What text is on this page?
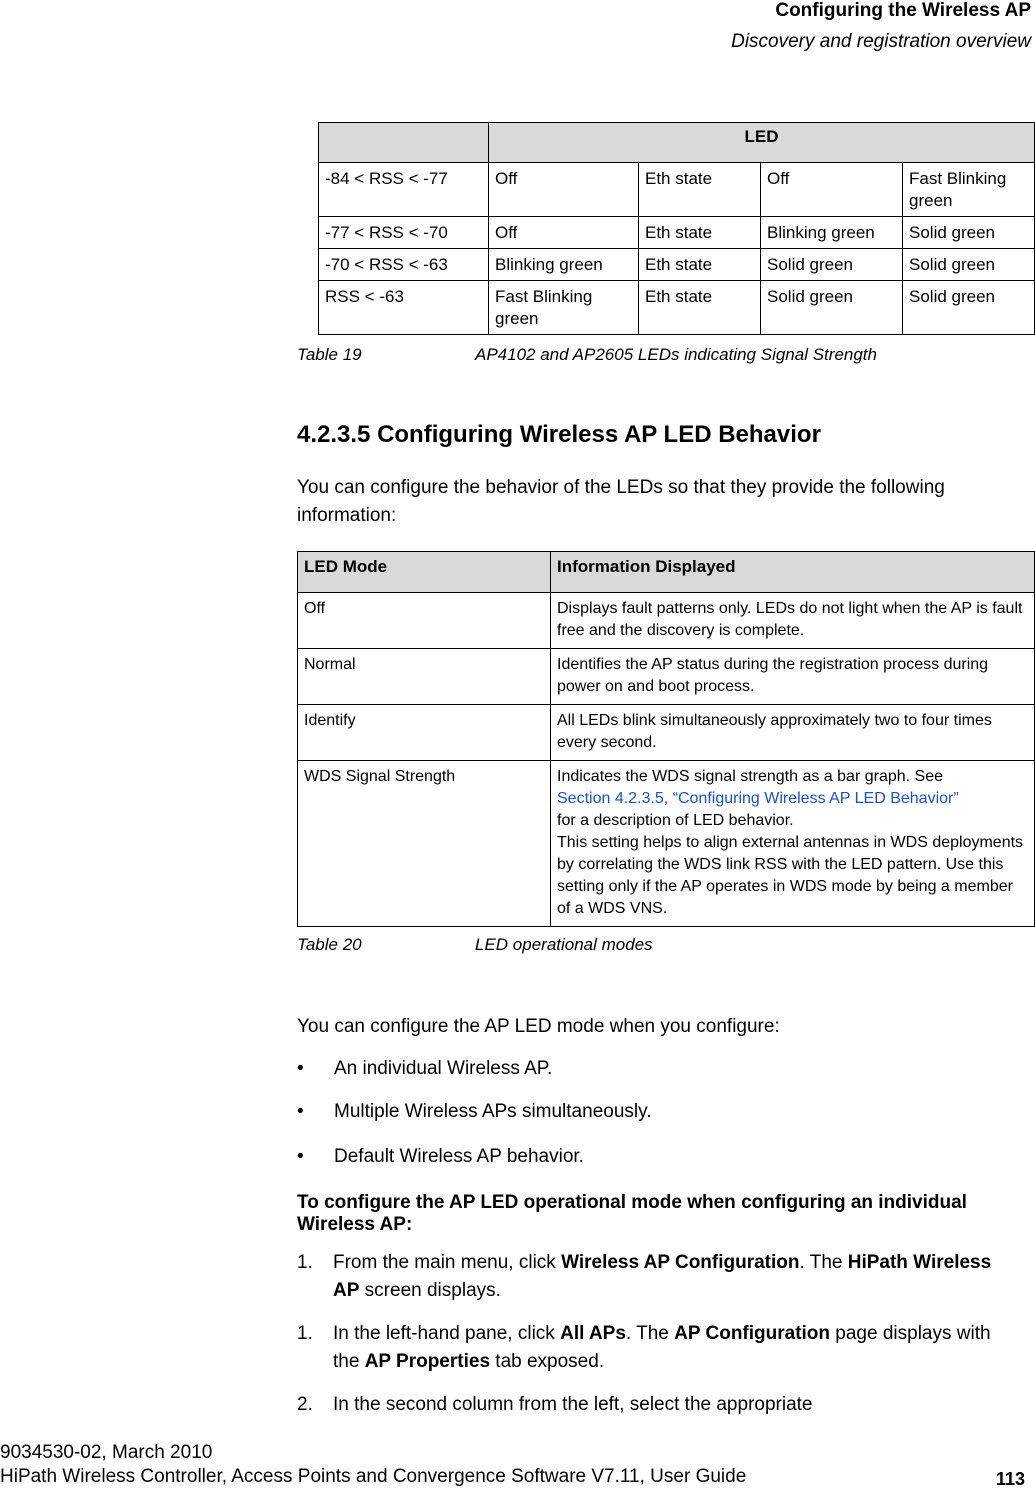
Configuring the Wireless AP
Discovery and registration overview
	LED			
-84 < RSS < -77	Off	Eth state	Off	Fast Blinking green
-77 < RSS < -70	Off	Eth state	Blinking green	Solid green
-70 < RSS < -63	Blinking green	Eth state	Solid green	Solid green
RSS < -63	Fast Blinking green	Eth state	Solid green	Solid green
Table 19	AP4102 and AP2605 LEDs indicating Signal Strength
4.2.3.5 Configuring Wireless AP LED Behavior
You can configure the behavior of the LEDs so that they provide the following information:
LED Mode	Information Displayed
Off	Displays fault patterns only. LEDs do not light when the AP is fault free and the discovery is complete.
Normal	Identifies the AP status during the registration process during power on and boot process.
Identify	All LEDs blink simultaneously approximately two to four times every second.
WDS Signal Strength	Indicates the WDS signal strength as a bar graph. See
Section 4.2.3.5, “Configuring Wireless AP LED Behavior”
for a description of LED behavior.
This setting helps to align external antennas in WDS deployments by correlating the WDS link RSS with the LED pattern. Use this setting only if the AP operates in WDS mode by being a member of a WDS VNS.
Table 20	LED operational modes
You can configure the AP LED mode when you configure:
• An individual Wireless AP.
• Multiple Wireless APs simultaneously.
• Default Wireless AP behavior.
To configure the AP LED operational mode when configuring an individual Wireless AP:
1. From the main menu, click Wireless AP Configuration. The HiPath Wireless AP screen displays.
1. In the left-hand pane, click All APs. The AP Configuration page displays with the AP Properties tab exposed.
2. In the second column from the left, select the appropriate
9034530-02, March 2010
HiPath Wireless Controller, Access Points and Convergence Software V7.11, User Guide	113
